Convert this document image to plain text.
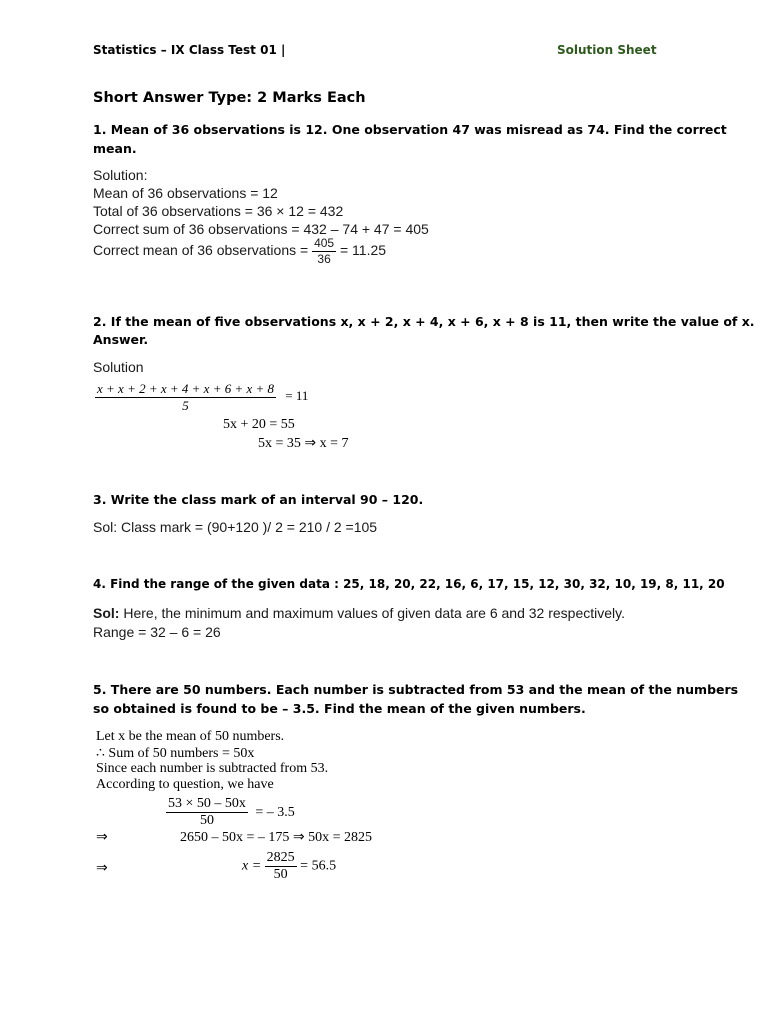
Statistics – IX Class Test 01 |	Solution Sheet
Short Answer Type: 2 Marks Each
1. Mean of 36 observations is 12. One observation 47 was misread as 74. Find the correct
mean.
Solution:
Mean of 36 observations = 12
Total of 36 observations = 36 × 12 = 432
Correct sum of 36 observations = 432 – 74 + 47 = 405
Correct mean of 36 observations = $\frac{405}{36} = 11.25$
2. If the mean of five observations x, x + 2, x + 4, x + 6, x + 8 is 11, then write the value of x.
Answer.
Solution
$\frac{x + x + 2 + x + 4 + x + 6 + x + 8}{5} = 11$
5x + 20 = 55
5x = 35 ⇒ x = 7
3. Write the class mark of an interval 90 – 120.
Sol: Class mark = (90+120 )/ 2 = 210 / 2 =105
4. Find the range of the given data : 25, 18, 20, 22, 16, 6, 17, 15, 12, 30, 32, 10, 19, 8, 11, 20
Sol: Here, the minimum and maximum values of given data are 6 and 32 respectively.
Range = 32 – 6 = 26
5. There are 50 numbers. Each number is subtracted from 53 and the mean of the numbers
so obtained is found to be – 3.5. Find the mean of the given numbers.
Let x be the mean of 50 numbers.
∴ Sum of 50 numbers = 50x
Since each number is subtracted from 53.
According to question, we have
$\frac{53 \times 50 - 50x}{50}$ = – 3.5
⇒	2650 – 50x = – 175 ⇒ 50x = 2825
⇒	$x = \frac{2825}{50} = 56.5$
